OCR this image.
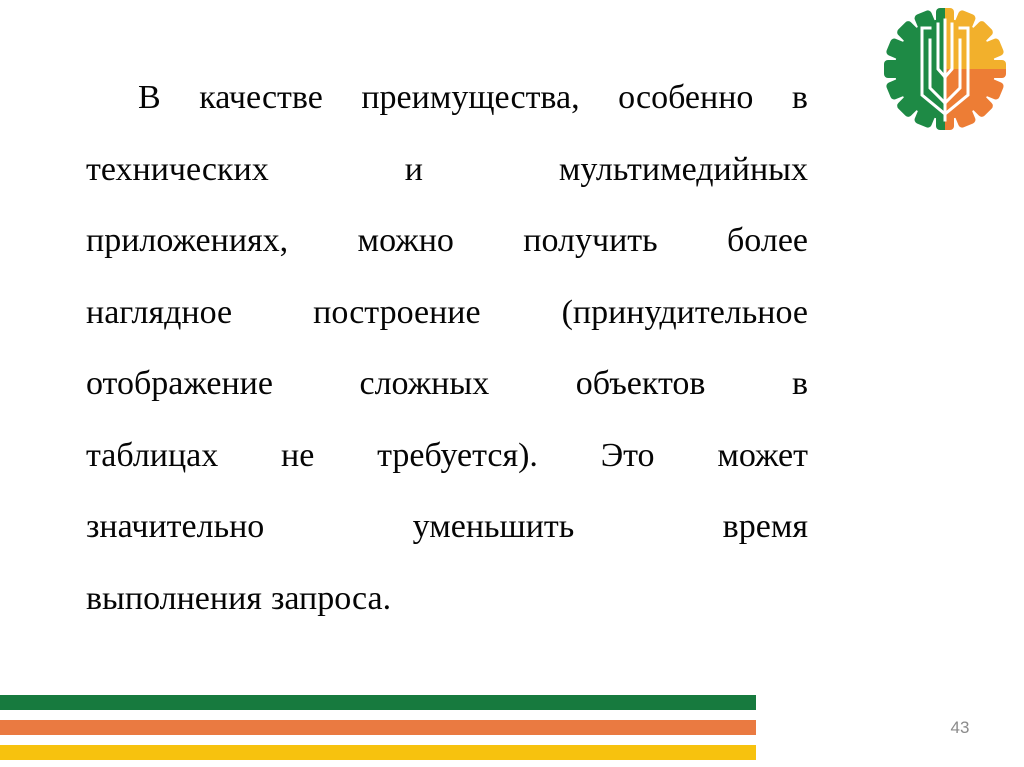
В качестве преимущества, особенно в
технических	и	мультимедийных
приложениях, можно получить более
наглядное построение (принудительное
отображение	сложных	объектов	в
таблицах не требуется). Это может
значительно	уменьшить	время
выполнения запроса.
43
